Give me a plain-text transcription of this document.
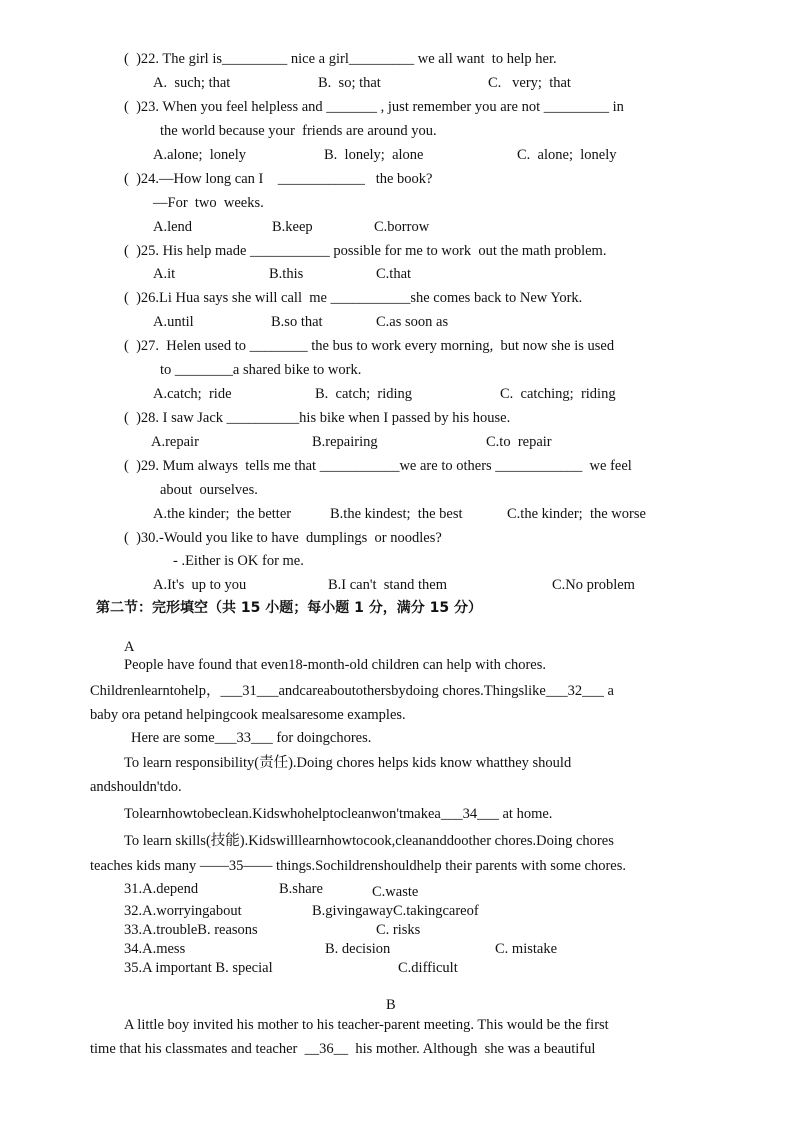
(  )22. The girl is_________ nice a girl_________ we all want  to help her.
A.  such; that	B.  so; that	C.   very;  that
(  )23. When you feel helpless and _______ , just remember you are not _________ in
the world because your  friends are around you.
A.alone;  lonely	B.  lonely;  alone	C.  alone;  lonely
(  )24.—How long can I    ____________   the book?
—For  two  weeks.
A.lend	B.keep	C.borrow
(  )25. His help made ___________ possible for me to work  out the math problem.
A.it	B.this	C.that
(  )26.Li Hua says she will call  me ___________she comes back to New York.
A.until	B.so that	C.as soon as
(  )27.  Helen used to ________ the bus to work every morning,  but now she is used
to ________a shared bike to work.
A.catch;  ride	B.  catch;  riding	C.  catching;  riding
(  )28. I saw Jack __________his bike when I passed by his house.
A.repair	B.repairing	C.to  repair
(  )29. Mum always  tells me that ___________we are to others ____________  we feel
about  ourselves.
A.the kinder;  the better	B.the kindest;  the best	C.the kinder;  the worse
(  )30.-Would you like to have  dumplings  or noodles?
- .Either is OK for me.
A.It's  up to you	B.I can't  stand them	C.No problem
第二节：完形填空（共 15 小题；每小题 1 分，满分 15 分）
A
People have found that even18-month-old children can help with chores.
Childrenlearntohelp，___31___andcareaboutothersbydoing chores.Thingslike___32___ a
baby ora petand helpingcook mealsaresome examples.
Here are some___33___ for doingchores.
To learn responsibility(责任).Doing chores helps kids know whatthey should
andshouldn'tdo.
Tolearnhowtobeclean.Kidswhohelptocleanwon'tmakea___34___ at home.
To learn skills(技能).Kidswilllearnhowtocook,cleananddoother chores.Doing chores
teaches kids many ——35—— things.Sochildrenshouldhelp their parents with some chores.
31.A.depend	B.share	C.waste
32.A.worryingabout	B.givingawayC.takingcareof
33.A.troubleB. reasons	C. risks
34.A.mess	B. decision	C. mistake
35.A important B. special	C.difficult
B
A little boy invited his mother to his teacher-parent meeting. This would be the first
time that his classmates and teacher  __36__  his mother. Although  she was a beautiful
